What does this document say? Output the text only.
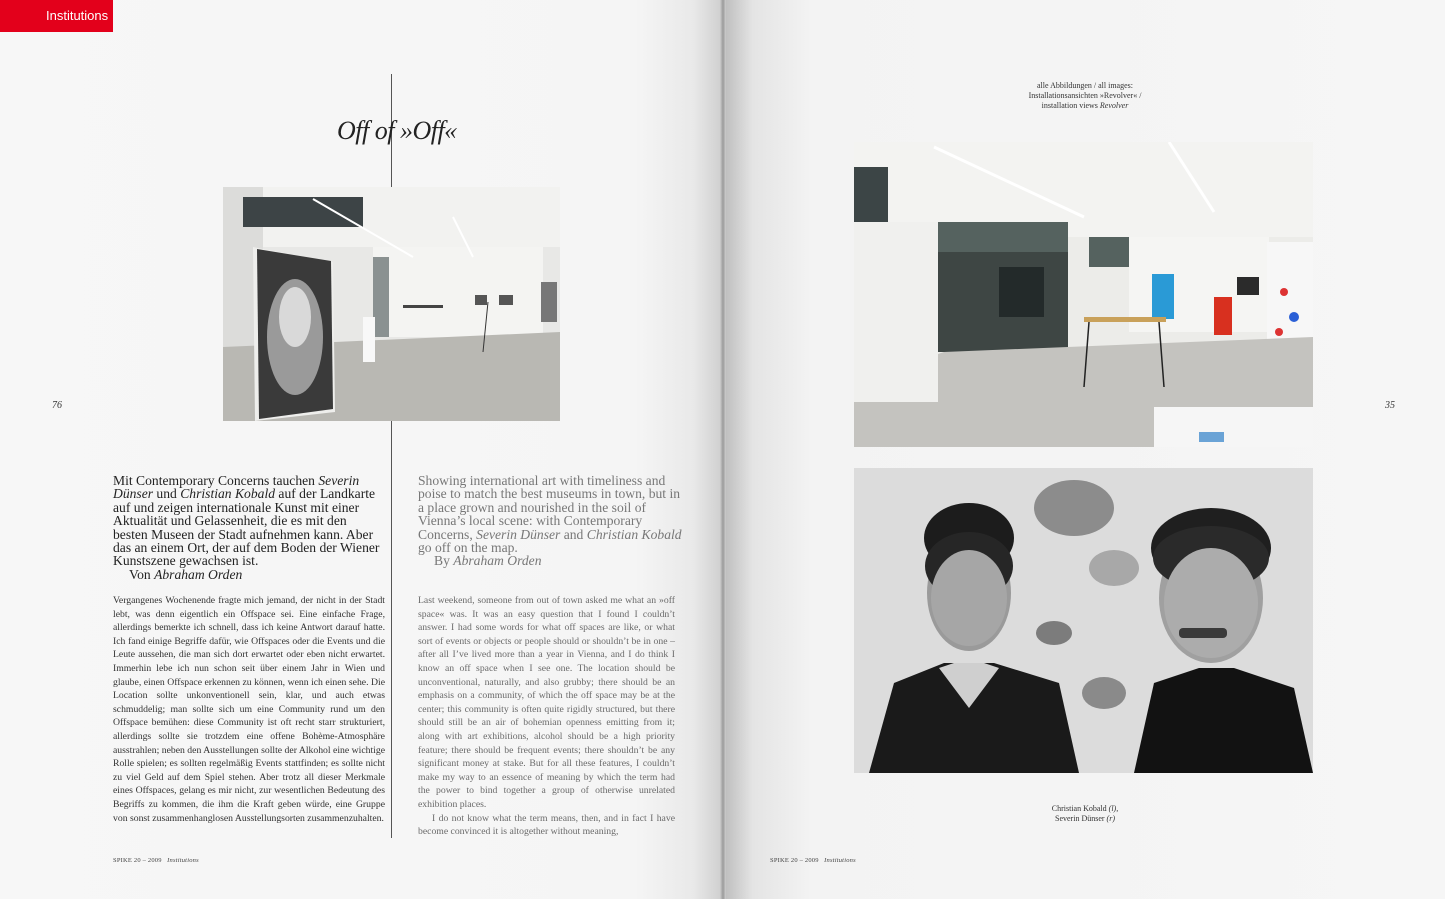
Institutions
Off of »Off«
76	35

Mit Contemporary Concerns tauchen Severin

Dünser und Christian Kobald auf der Landkarte

auf und zeigen internationale Kunst mit einer Aktualität und Gelassenheit, die es mit den besten Museen der Stadt aufnehmen kann. Aber das an einem Ort, der auf dem Boden der Wiener Kunstszene gewachsen ist.

Von Abraham Orden

Showing international art with timeliness and poise to match the best museums in town, but in a place grown and nourished in the soil of Vienna’s local scene: with Contemporary Concerns, Severin Dünser and Christian Kobald go off on the map.

By Abraham Orden

Vergangenes Wochenende fragte mich jemand, der nicht in der Stadt lebt, was denn eigentlich ein Offspace sei. Eine einfache Frage, allerdings bemerkte ich schnell, dass ich keine Antwort darauf hatte. Ich fand einige Begriffe dafür, wie Offspaces oder die Events und die Leute aussehen, die man sich dort erwartet oder eben nicht erwartet. Immerhin lebe ich nun schon seit über einem Jahr in Wien und glaube, einen Offspace erkennen zu können, wenn ich einen sehe. Die Location sollte unkonventionell sein, klar, und auch etwas schmuddelig; man sollte sich um eine Community rund um den Offspace bemühen: diese Community ist oft recht starr strukturiert, allerdings sollte sie trotzdem eine offene Bohème-Atmosphäre ausstrahlen; neben den Ausstellungen sollte der Alkohol eine wichtige Rolle spielen; es sollten regelmäßig Events stattfinden; es sollte nicht zu viel Geld auf dem Spiel stehen. Aber trotz all dieser Merkmale eines Offspaces, gelang es mir nicht, zur wesentlichen Bedeutung des Begriffs zu kommen, die ihm die Kraft geben würde, eine Gruppe von sonst zusammenhanglosen Ausstellungsorten zusammenzuhalten.

Last weekend, someone from out of town asked me what an »off space« was. It was an easy question that I found I couldn’t answer. I had some words for what off spaces are like, or what sort of events or objects or people should or shouldn’t be in one – after all I’ve lived more than a year in Vienna, and I do think I know an off space when I see one. The location should be unconventional, naturally, and also grubby; there should be an emphasis on a community, of which the off space may be at the center; this community is often quite rigidly structured, but there should still be an air of bohemian openness emitting from it; along with art exhibitions, alcohol should be a high priority feature; there should be frequent events; there shouldn’t be any significant money at stake. But for all these features, I couldn’t make my way to an essence of meaning by which the term had the power to bind together a group of otherwise unrelated exhibition places.

I do not know what the term means, then, and in fact I have become convinced it is altogether without meaning,

SPIKE 20 – 2009 Institutions	SPIKE 20 – 2009 Institutions
alle Abbildungen / all images:
Installationsansichten »Revolver« /
installation views Revolver
Christian Kobald (l),
Severin Dünser (r)
